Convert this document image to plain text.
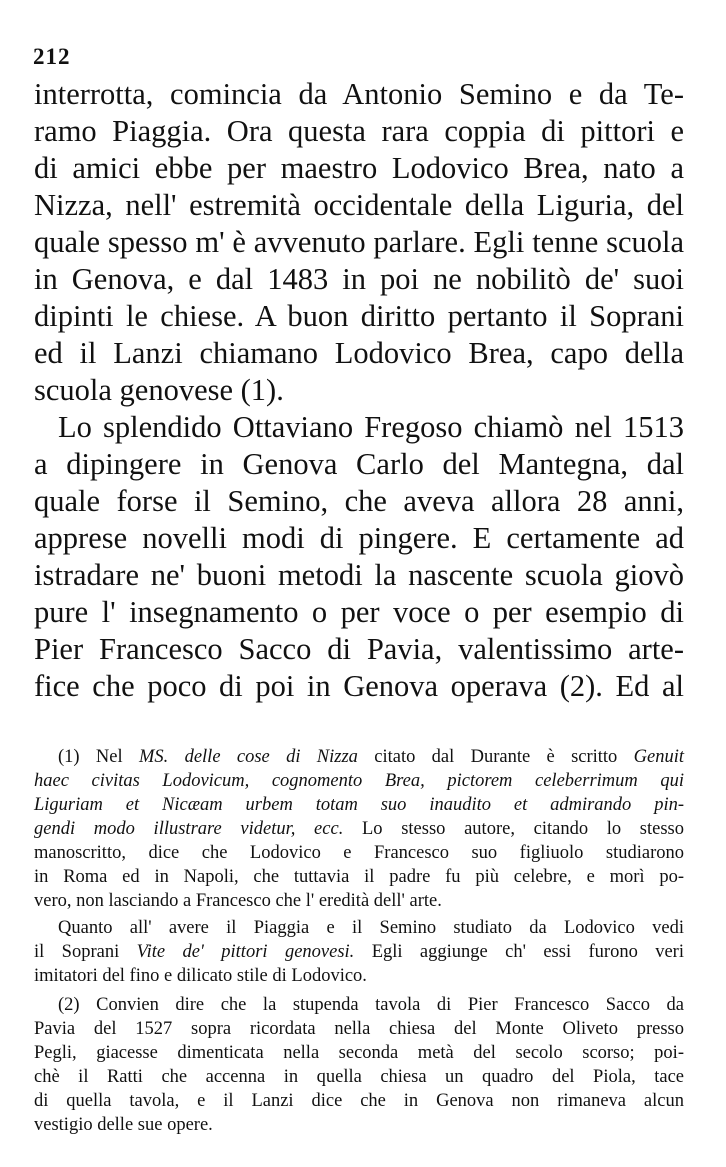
212
interrotta, comincia da Antonio Semino e da Te-
ramo Piaggia. Ora questa rara coppia di pittori e
di amici ebbe per maestro Lodovico Brea, nato a
Nizza, nell' estremità occidentale della Liguria, del
quale spesso m' è avvenuto parlare. Egli tenne scuola
in Genova, e dal 1483 in poi ne nobilitò de' suoi
dipinti le chiese. A buon diritto pertanto il Soprani
ed il Lanzi chiamano Lodovico Brea, capo della
scuola genovese (1).
Lo splendido Ottaviano Fregoso chiamò nel 1513
a dipingere in Genova Carlo del Mantegna, dal
quale forse il Semino, che aveva allora 28 anni,
apprese novelli modi di pingere. E certamente ad
istradare ne' buoni metodi la nascente scuola giovò
pure l' insegnamento o per voce o per esempio di
Pier Francesco Sacco di Pavia, valentissimo arte-
fice che poco di poi in Genova operava (2). Ed al
(1) Nel MS. delle cose di Nizza citato dal Durante è scritto Genuit
haec civitas Lodovicum, cognomento Brea, pictorem celeberrimum qui
Liguriam et Nicæam urbem totam suo inaudito et admirando pin-
gendi modo illustrare videtur, ecc. Lo stesso autore, citando lo stesso
manoscritto, dice che Lodovico e Francesco suo figliuolo studiarono
in Roma ed in Napoli, che tuttavia il padre fu più celebre, e morì po-
vero, non lasciando a Francesco che l' eredità dell' arte.
Quanto all' avere il Piaggia e il Semino studiato da Lodovico vedi
il Soprani Vite de' pittori genovesi. Egli aggiunge ch' essi furono veri
imitatori del fino e dilicato stile di Lodovico.
(2) Convien dire che la stupenda tavola di Pier Francesco Sacco da
Pavia del 1527 sopra ricordata nella chiesa del Monte Oliveto presso
Pegli, giacesse dimenticata nella seconda metà del secolo scorso; poi-
chè il Ratti che accenna in quella chiesa un quadro del Piola, tace
di quella tavola, e il Lanzi dice che in Genova non rimaneva alcun
vestigio delle sue opere.
